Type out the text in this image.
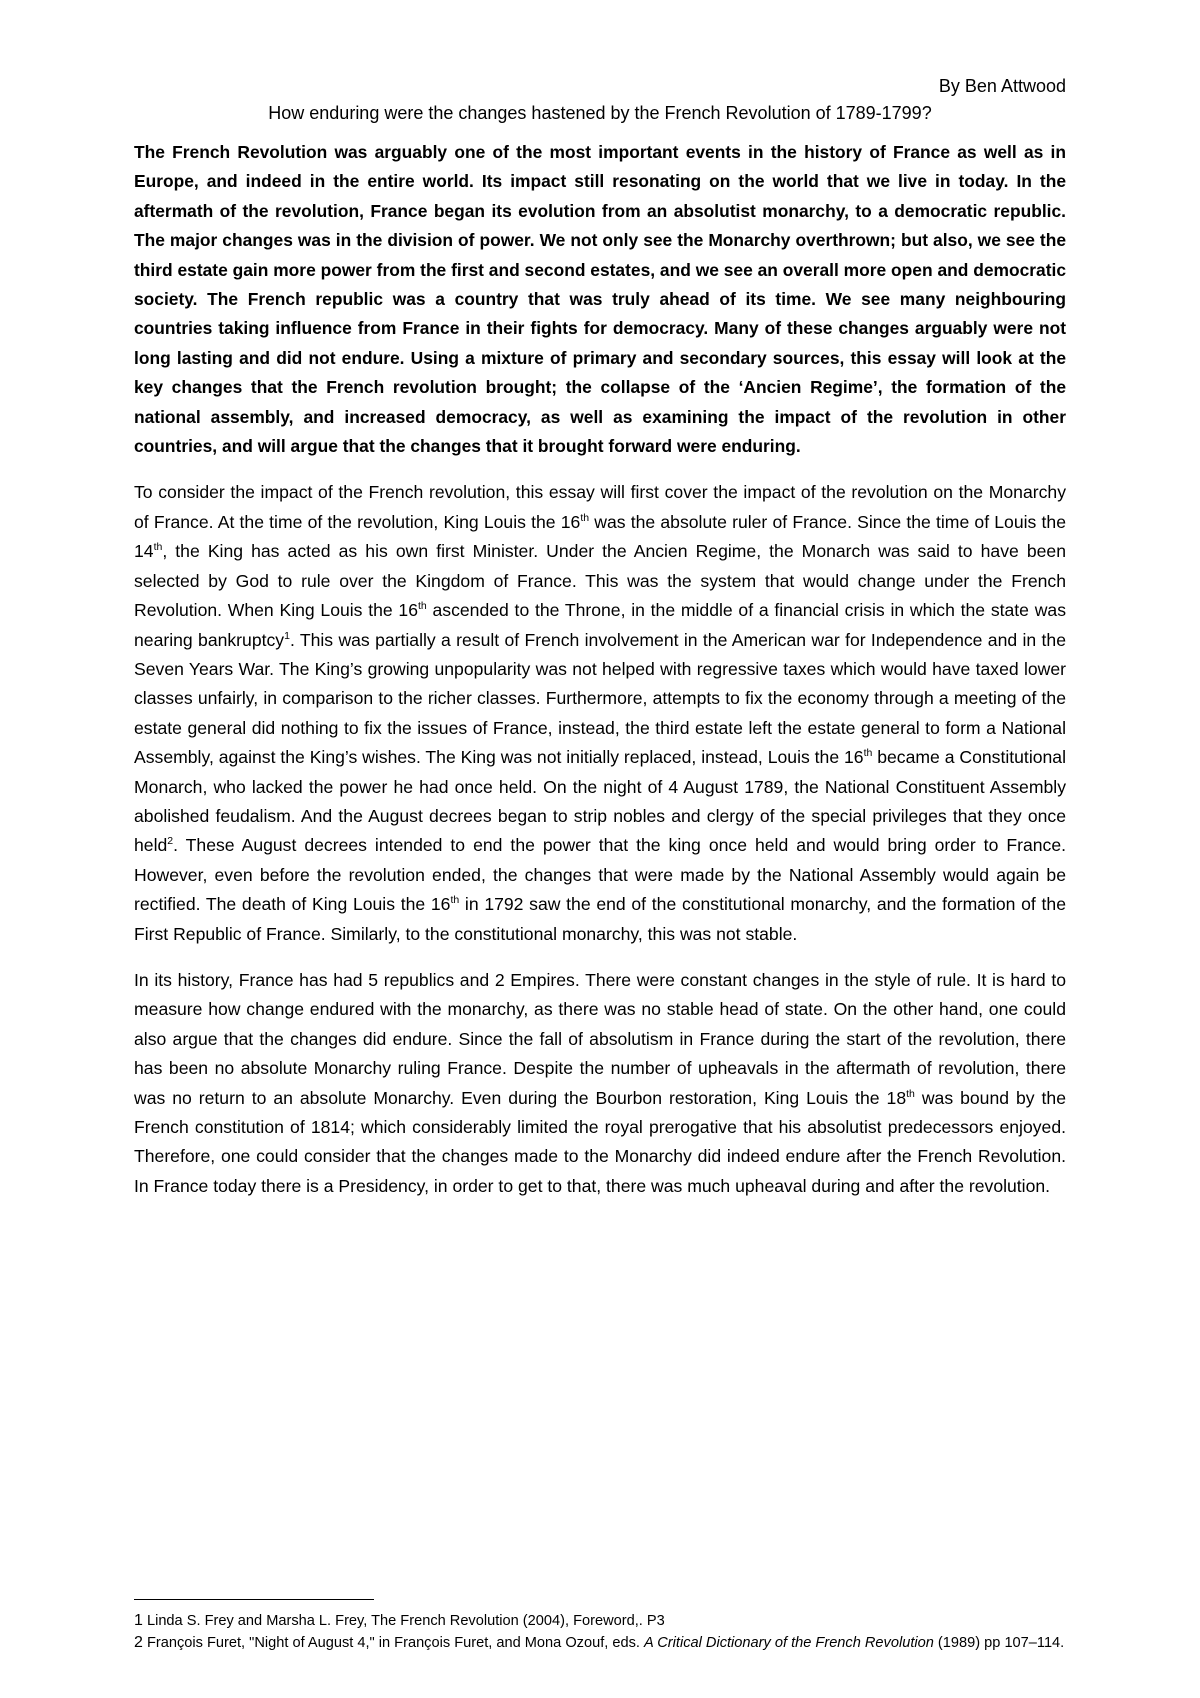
By Ben Attwood
How enduring were the changes hastened by the French Revolution of 1789-1799?

The French Revolution was arguably one of the most important events in the history of France as well as in Europe, and indeed in the entire world. Its impact still resonating on the world that we live in today. In the aftermath of the revolution, France began its evolution from an absolutist monarchy, to a democratic republic. The major changes was in the division of power. We not only see the Monarchy overthrown; but also, we see the third estate gain more power from the first and second estates, and we see an overall more open and democratic society. The French republic was a country that was truly ahead of its time. We see many neighbouring countries taking influence from France in their fights for democracy. Many of these changes arguably were not long lasting and did not endure. Using a mixture of primary and secondary sources, this essay will look at the key changes that the French revolution brought; the collapse of the ‘Ancien Regime’, the formation of the national assembly, and increased democracy, as well as examining the impact of the revolution in other countries, and will argue that the changes that it brought forward were enduring.

To consider the impact of the French revolution, this essay will first cover the impact of the revolution on the Monarchy of France. At the time of the revolution, King Louis the 16th was the absolute ruler of France. Since the time of Louis the 14th, the King has acted as his own first Minister. Under the Ancien Regime, the Monarch was said to have been selected by God to rule over the Kingdom of France. This was the system that would change under the French Revolution. When King Louis the 16th ascended to the Throne, in the middle of a financial crisis in which the state was nearing bankruptcy$^1$. This was partially a result of French involvement in the American war for Independence and in the Seven Years War. The King’s growing unpopularity was not helped with regressive taxes which would have taxed lower classes unfairly, in comparison to the richer classes. Furthermore, attempts to fix the economy through a meeting of the estate general did nothing to fix the issues of France, instead, the third estate left the estate general to form a National Assembly, against the King’s wishes. The King was not initially replaced, instead, Louis the 16th became a Constitutional Monarch, who lacked the power he had once held. On the night of 4 August 1789, the National Constituent Assembly abolished feudalism. And the August decrees began to strip nobles and clergy of the special privileges that they once held$^2$. These August decrees intended to end the power that the king once held and would bring order to France. However, even before the revolution ended, the changes that were made by the National Assembly would again be rectified. The death of King Louis the 16th in 1792 saw the end of the constitutional monarchy, and the formation of the First Republic of France. Similarly, to the constitutional monarchy, this was not stable.

In its history, France has had 5 republics and 2 Empires. There were constant changes in the style of rule. It is hard to measure how change endured with the monarchy, as there was no stable head of state. On the other hand, one could also argue that the changes did endure. Since the fall of absolutism in France during the start of the revolution, there has been no absolute Monarchy ruling France. Despite the number of upheavals in the aftermath of revolution, there was no return to an absolute Monarchy. Even during the Bourbon restoration, King Louis the 18th was bound by the French constitution of 1814; which considerably limited the royal prerogative that his absolutist predecessors enjoyed. Therefore, one could consider that the changes made to the Monarchy did indeed endure after the French Revolution. In France today there is a Presidency, in order to get to that, there was much upheaval during and after the revolution.

1 Linda S. Frey and Marsha L. Frey, The French Revolution (2004), Foreword,. P3
2 François Furet, "Night of August 4," in François Furet, and Mona Ozouf, eds. A Critical Dictionary of the French Revolution (1989) pp 107–114.
